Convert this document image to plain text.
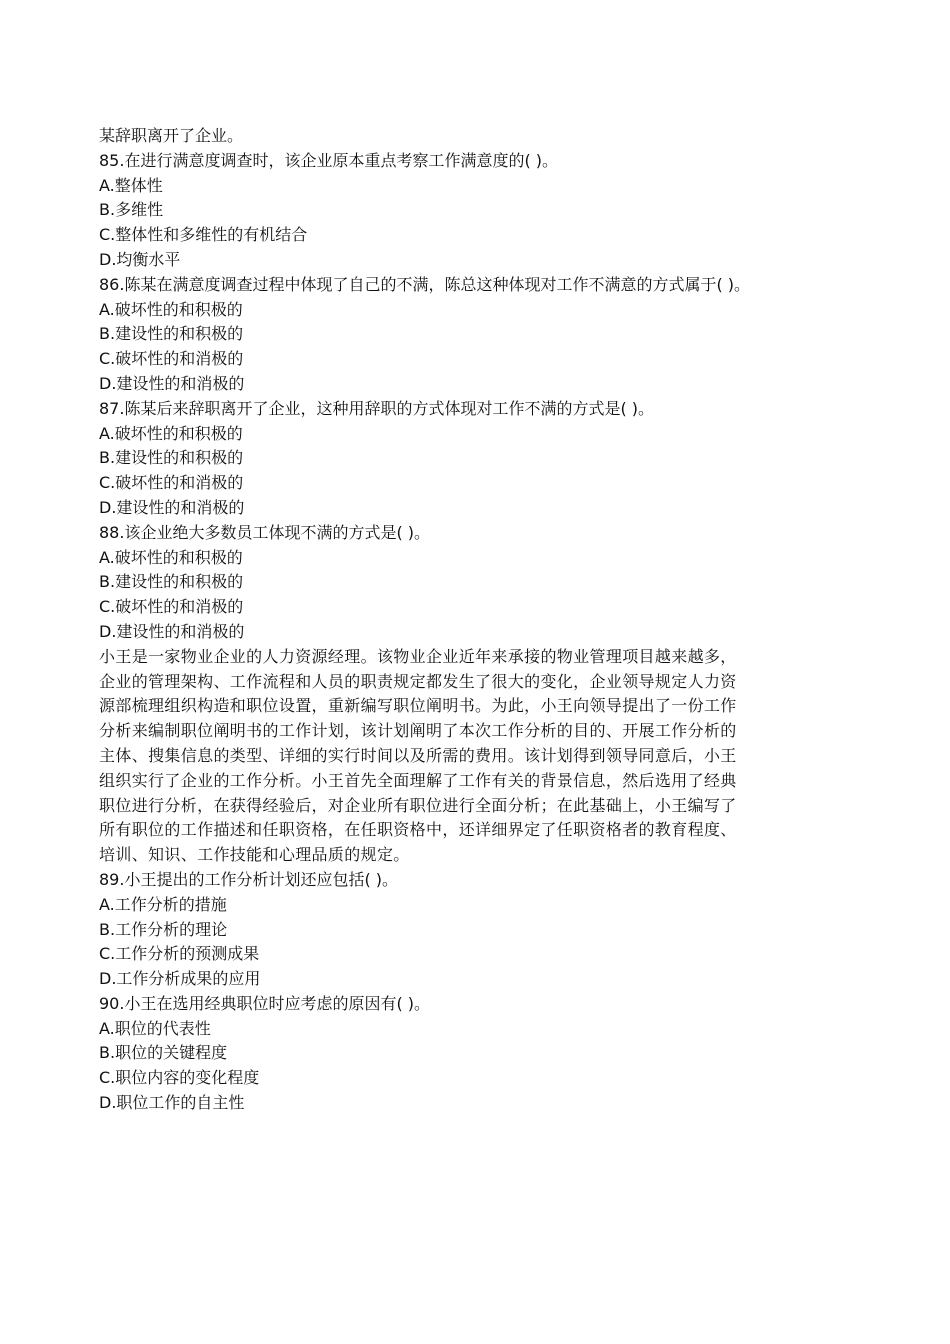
某辞职离开了企业。

85.在进行满意度调查时，该企业原本重点考察工作满意度的( )。

A.整体性

B.多维性

C.整体性和多维性的有机结合

D.均衡水平

86.陈某在满意度调查过程中体现了自己的不满，陈总这种体现对工作不满意的方式属于( )。

A.破坏性的和积极的

B.建设性的和积极的

C.破坏性的和消极的

D.建设性的和消极的

87.陈某后来辞职离开了企业，这种用辞职的方式体现对工作不满的方式是( )。

A.破坏性的和积极的

B.建设性的和积极的

C.破坏性的和消极的

D.建设性的和消极的

88.该企业绝大多数员工体现不满的方式是( )。

A.破坏性的和积极的

B.建设性的和积极的

C.破坏性的和消极的

D.建设性的和消极的

小王是一家物业企业的人力资源经理。该物业企业近年来承接的物业管理项目越来越多，

企业的管理架构、工作流程和人员的职责规定都发生了很大的变化，企业领导规定人力资

源部梳理组织构造和职位设置，重新编写职位阐明书。为此，小王向领导提出了一份工作

分析来编制职位阐明书的工作计划，该计划阐明了本次工作分析的目的、开展工作分析的

主体、搜集信息的类型、详细的实行时间以及所需的费用。该计划得到领导同意后，小王

组织实行了企业的工作分析。小王首先全面理解了工作有关的背景信息，然后选用了经典

职位进行分析，在获得经验后，对企业所有职位进行全面分析；在此基础上，小王编写了

所有职位的工作描述和任职资格，在任职资格中，还详细界定了任职资格者的教育程度、

培训、知识、工作技能和心理品质的规定。

89.小王提出的工作分析计划还应包括( )。

A.工作分析的措施

B.工作分析的理论

C.工作分析的预测成果

D.工作分析成果的应用

90.小王在选用经典职位时应考虑的原因有( )。

A.职位的代表性

B.职位的关键程度

C.职位内容的变化程度

D.职位工作的自主性
